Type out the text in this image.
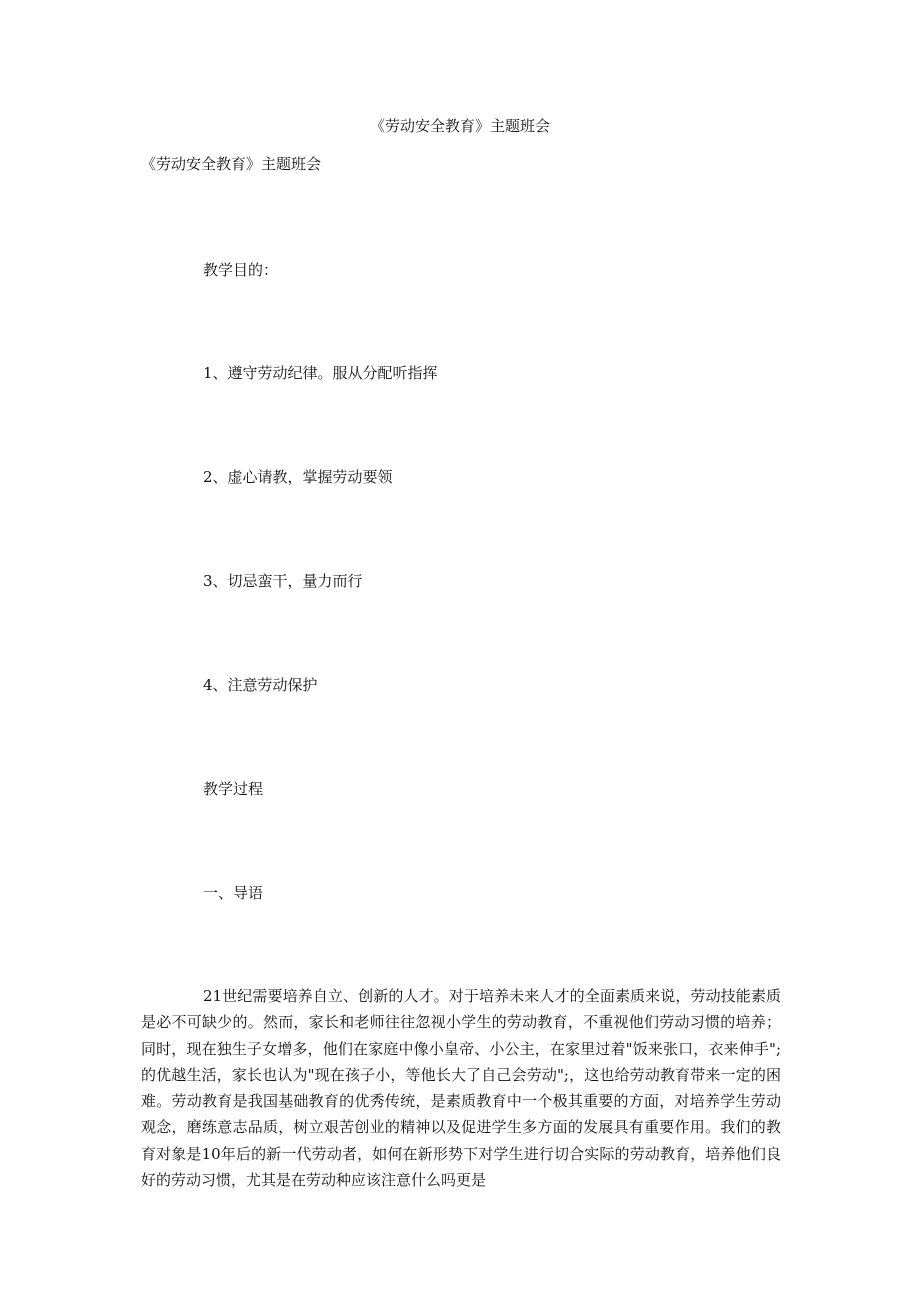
《劳动安全教育》主题班会
《劳动安全教育》主题班会
教学目的：
1、遵守劳动纪律。服从分配听指挥
2、虚心请教，掌握劳动要领
3、切忌蛮干，量力而行
4、注意劳动保护
教学过程
一、导语

21世纪需要培养自立、创新的人才。对于培养未来人才的全面素质来说，劳动技能素质是必不可缺少的。然而，家长和老师往往忽视小学生的劳动教育，不重视他们劳动习惯的培养；同时，现在独生子女增多，他们在家庭中像小皇帝、小公主，在家里过着"饭来张口，衣来伸手";的优越生活，家长也认为"现在孩子小，等他长大了自己会劳动";，这也给劳动教育带来一定的困难。劳动教育是我国基础教育的优秀传统，是素质教育中一个极其重要的方面，对培养学生劳动观念，磨练意志品质，树立艰苦创业的精神以及促进学生多方面的发展具有重要作用。我们的教育对象是10年后的新一代劳动者，如何在新形势下对学生进行切合实际的劳动教育，培养他们良好的劳动习惯，尤其是在劳动种应该注意什么吗更是
